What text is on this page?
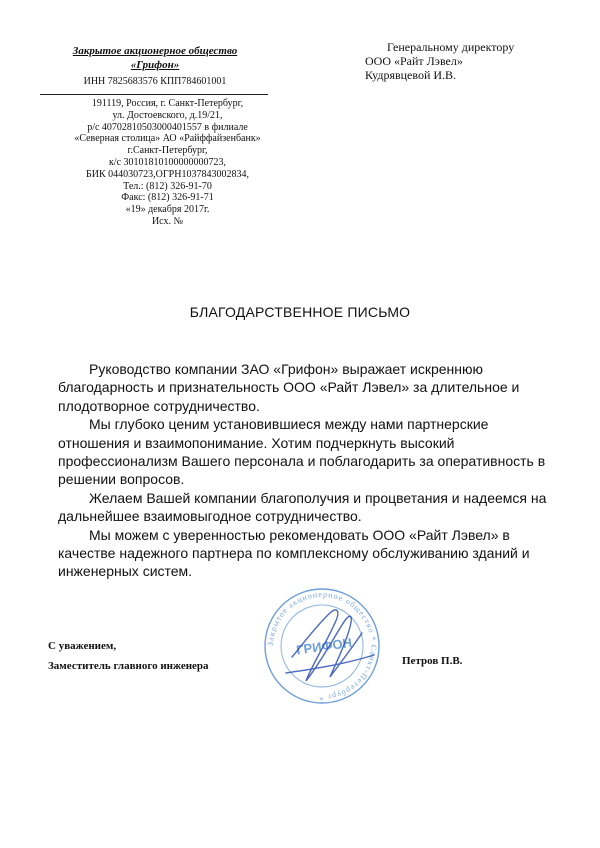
Закрытое акционерное общество
«Грифон»
ИНН 7825683576 КПП784601001
191119, Россия, г. Санкт-Петербург,
ул. Достоевского, д.19/21,
р/с 40702810503000401557 в филиале
«Северная столица» АО «Райффайзенбанк»
г.Санкт-Петербург,
к/с 30101810100000000723,
БИК 044030723,ОГРН1037843002834,
Тел.: (812) 326-91-70
Факс: (812) 326-91-71
«19» декабря 2017г.
Исх. №
Генеральному директору
ООО «Райт Лэвел»
Кудрявцевой И.В.
БЛАГОДАРСТВЕННОЕ ПИСЬМО

Руководство компании ЗАО «Грифон» выражает искреннюю благодарность и признательность ООО «Райт Лэвел» за длительное и плодотворное сотрудничество.

Мы глубоко ценим установившиеся между нами партнерские отношения и взаимопонимание. Хотим подчеркнуть высокий профессионализм Вашего персонала и поблагодарить за оперативность в решении вопросов.

Желаем Вашей компании благополучия и процветания и надеемся на дальнейшее взаимовыгодное сотрудничество.

Мы можем с уверенностью рекомендовать ООО «Райт Лэвел» в качестве надежного партнера по комплексному обслуживанию зданий и инженерных систем.

С уважением,
Заместитель главного инженера	Петров П.В.
Закрытое акционерное общество * Санкт-Петербург *
ГРИФОН
